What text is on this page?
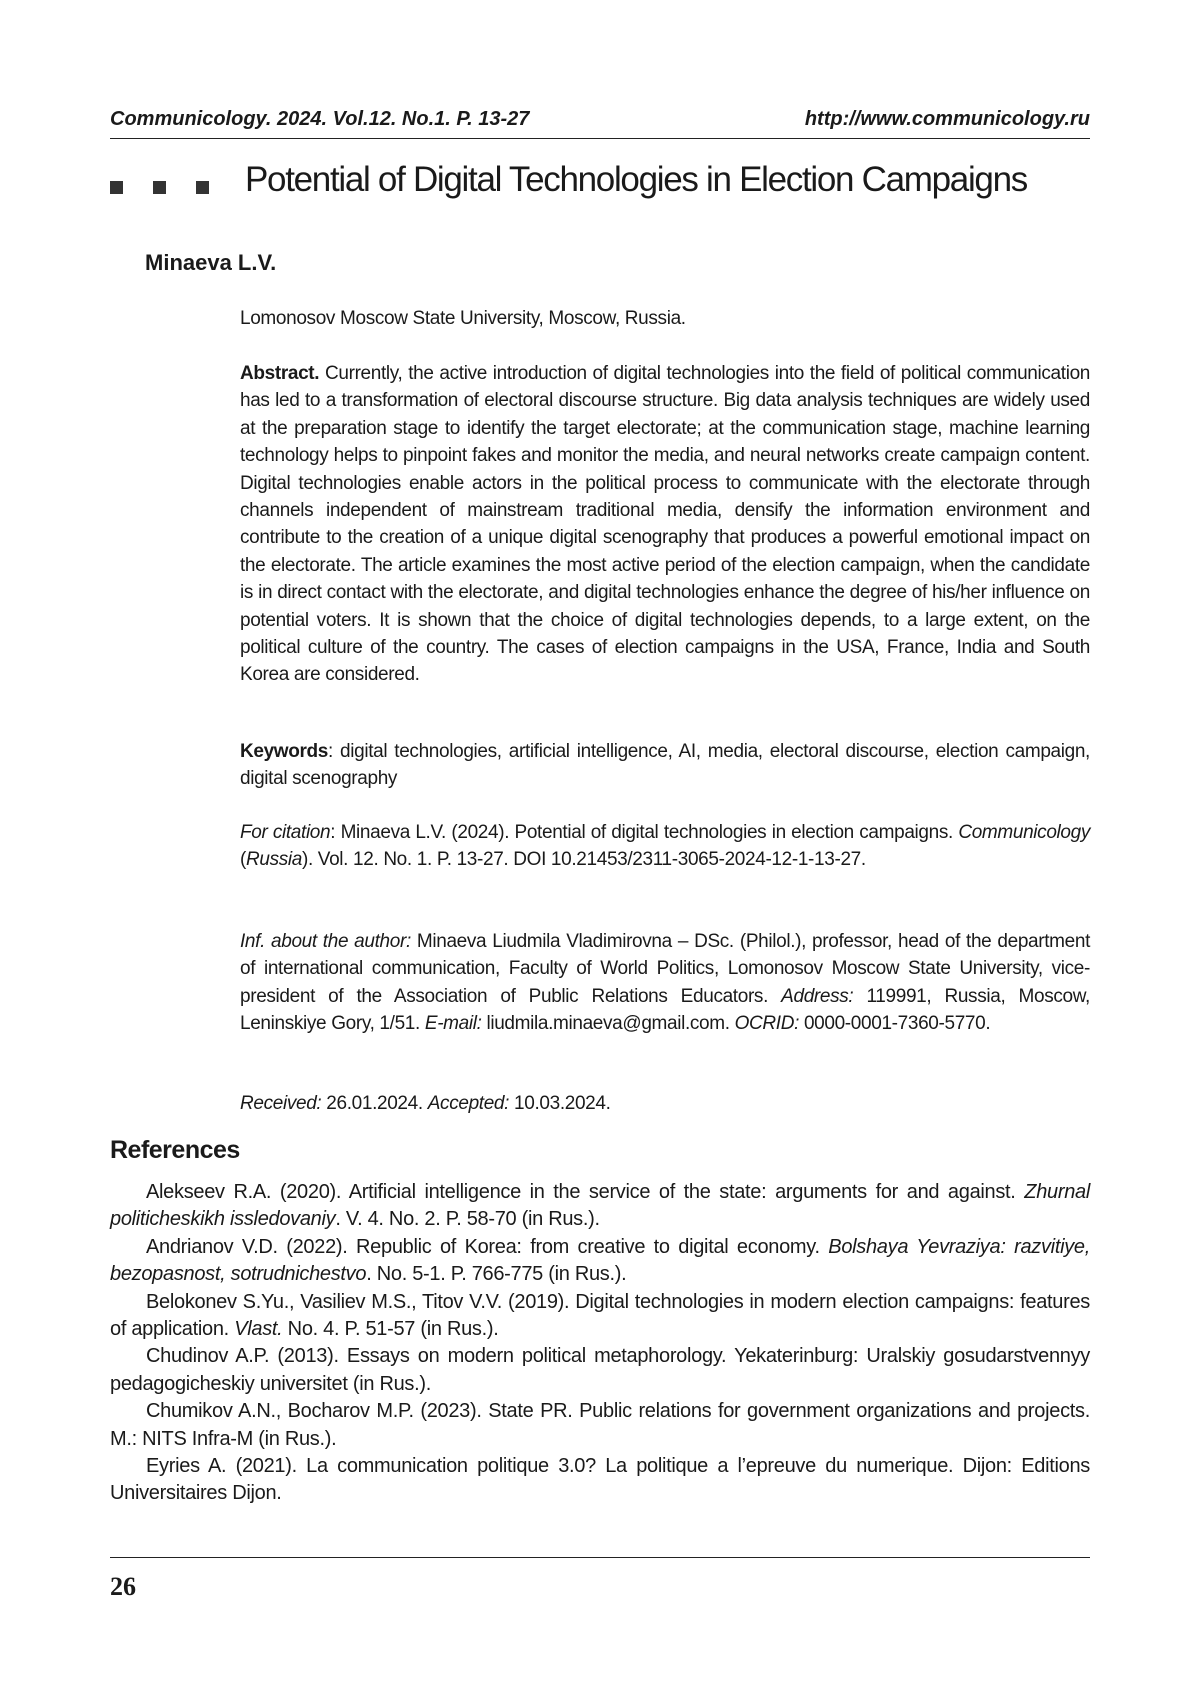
Communicology. 2024. Vol.12. No.1. P. 13-27	http://www.communicology.ru
Potential of Digital Technologies in Election Campaigns
Minaeva L.V.
Lomonosov Moscow State University, Moscow, Russia.
Abstract. Currently, the active introduction of digital technologies into the field of political communication has led to a transformation of electoral discourse structure. Big data analysis techniques are widely used at the preparation stage to identify the target electorate; at the communication stage, machine learning technology helps to pinpoint fakes and monitor the media, and neural networks create campaign content. Digital technologies enable actors in the political process to communicate with the electorate through channels independent of mainstream traditional media, densify the information environment and contribute to the creation of a unique digital scenography that produces a powerful emotional impact on the electorate. The article examines the most active period of the election campaign, when the candidate is in direct contact with the electorate, and digital technologies enhance the degree of his/her influence on potential voters. It is shown that the choice of digital technologies depends, to a large extent, on the political culture of the country. The cases of election campaigns in the USA, France, India and South Korea are considered.
Keywords: digital technologies, artificial intelligence, AI, media, electoral discourse, election campaign, digital scenography
For citation: Minaeva L.V. (2024). Potential of digital technologies in election campaigns. Communicology (Russia). Vol. 12. No. 1. P. 13-27. DOI 10.21453/2311-3065-2024-12-1-13-27.
Inf. about the author: Minaeva Liudmila Vladimirovna – DSc. (Philol.), professor, head of the department of international communication, Faculty of World Politics, Lomonosov Moscow State University, vice-president of the Association of Public Relations Educators. Address: 119991, Russia, Moscow, Leninskiye Gory, 1/51. E-mail: liudmila.minaeva@gmail.com. OCRID: 0000-0001-7360-5770.
Received: 26.01.2024. Accepted: 10.03.2024.
References

Alekseev R.A. (2020). Artificial intelligence in the service of the state: arguments for and against. Zhurnal politicheskikh issledovaniy. V. 4. No. 2. P. 58-70 (in Rus.).

Andrianov V.D. (2022). Republic of Korea: from creative to digital economy. Bolshaya Yevraziya: razvitiye, bezopasnost, sotrudnichestvo. No. 5-1. P. 766-775 (in Rus.).

Belokonev S.Yu., Vasiliev M.S., Titov V.V. (2019). Digital technologies in modern election campaigns: features of application. Vlast. No. 4. P. 51-57 (in Rus.).

Chudinov A.P. (2013). Essays on modern political metaphorology. Yekaterinburg: Uralskiy gosudarstvennyy pedagogicheskiy universitet (in Rus.).

Chumikov A.N., Bocharov M.P. (2023). State PR. Public relations for government organizations and projects. M.: NITS Infra-M (in Rus.).

Eyries A. (2021). La communication politique 3.0? La politique a l’epreuve du numerique. Dijon: Editions Universitaires Dijon.

26
